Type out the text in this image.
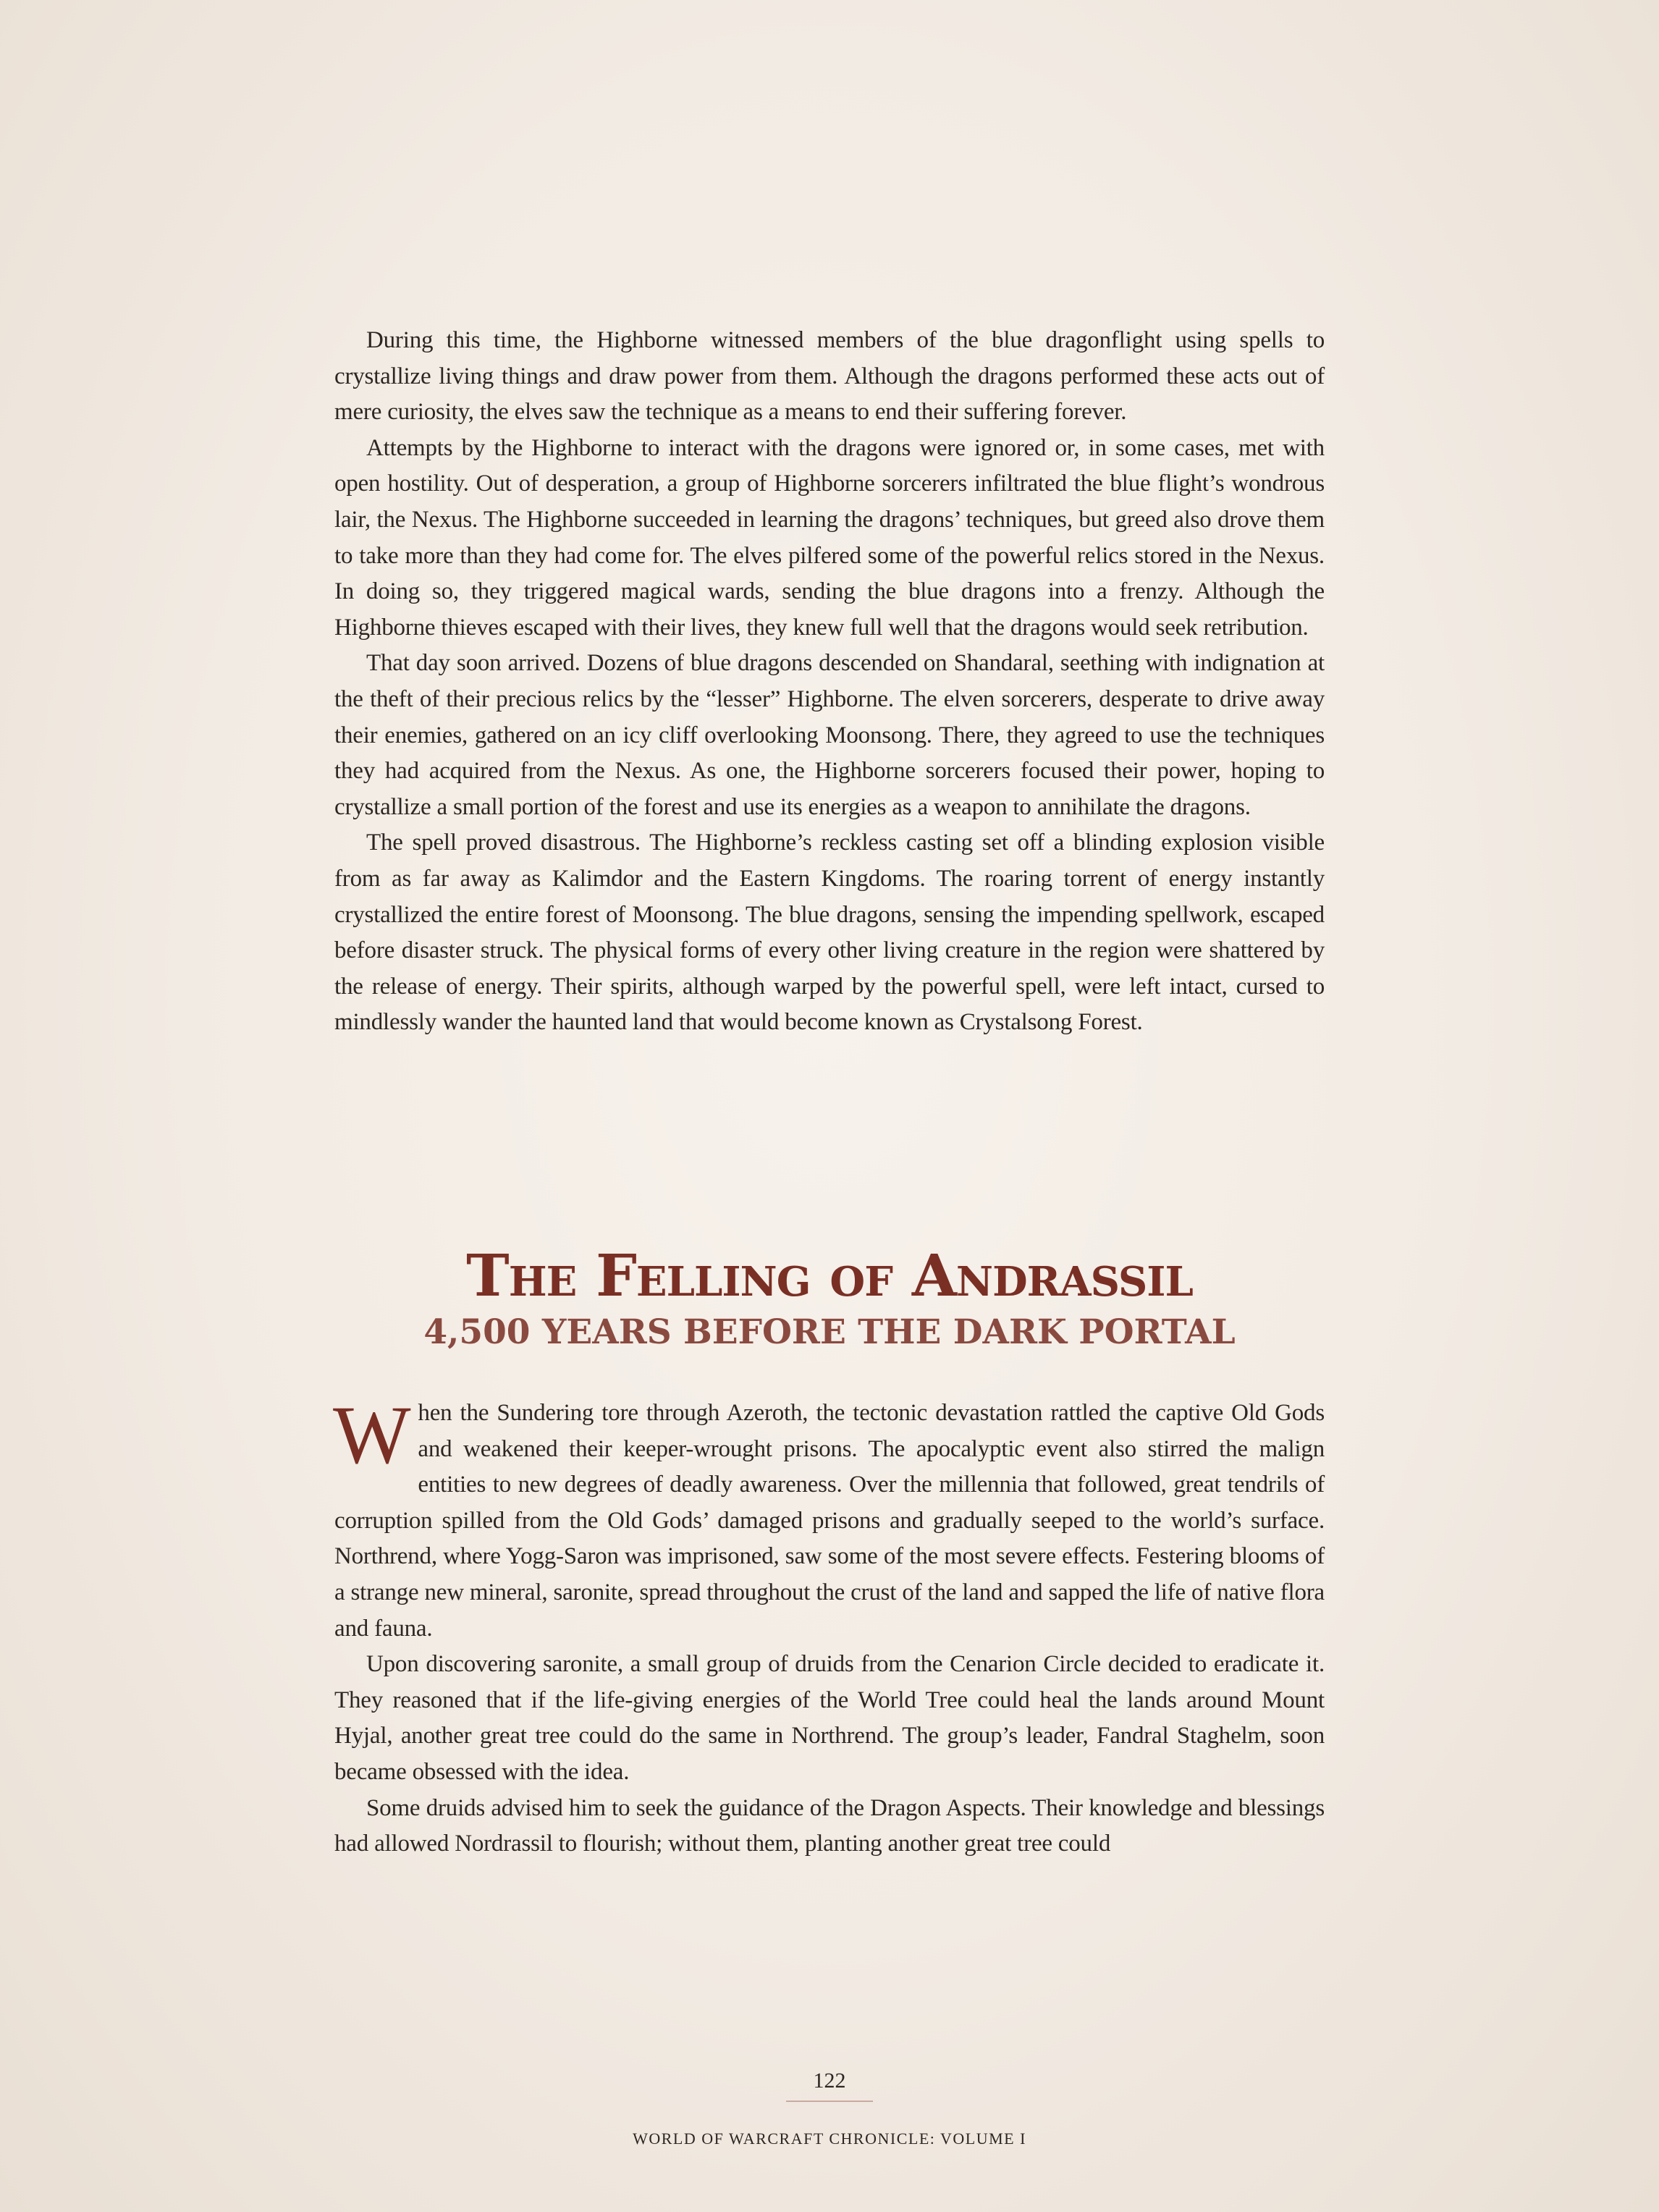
During this time, the Highborne witnessed members of the blue dragonflight using spells to crystallize living things and draw power from them. Although the dragons performed these acts out of mere curiosity, the elves saw the technique as a means to end their suffering forever.

Attempts by the Highborne to interact with the dragons were ignored or, in some cases, met with open hostility. Out of desperation, a group of Highborne sorcerers infiltrated the blue flight’s wondrous lair, the Nexus. The Highborne succeeded in learning the dragons’ techniques, but greed also drove them to take more than they had come for. The elves pilfered some of the powerful relics stored in the Nexus. In doing so, they triggered magical wards, sending the blue dragons into a frenzy. Although the Highborne thieves escaped with their lives, they knew full well that the dragons would seek retribution.

That day soon arrived. Dozens of blue dragons descended on Shandaral, seething with indignation at the theft of their precious relics by the “lesser” Highborne. The elven sorcerers, desperate to drive away their enemies, gathered on an icy cliff overlooking Moonsong. There, they agreed to use the techniques they had acquired from the Nexus. As one, the Highborne sorcerers focused their power, hoping to crystallize a small portion of the forest and use its energies as a weapon to annihilate the dragons.

The spell proved disastrous. The Highborne’s reckless casting set off a blinding explosion visible from as far away as Kalimdor and the Eastern Kingdoms. The roaring torrent of energy instantly crystallized the entire forest of Moonsong. The blue dragons, sensing the impending spellwork, escaped before disaster struck. The physical forms of every other living creature in the region were shattered by the release of energy. Their spirits, although warped by the powerful spell, were left intact, cursed to mindlessly wander the haunted land that would become known as Crystalsong Forest.

The Felling of Andrassil
4,500 YEARS BEFORE THE DARK PORTAL

When the Sundering tore through Azeroth, the tectonic devastation rattled the captive Old Gods and weakened their keeper-wrought prisons. The apocalyptic event also stirred the malign entities to new degrees of deadly awareness. Over the millennia that followed, great tendrils of corruption spilled from the Old Gods’ damaged prisons and gradually seeped to the world’s surface. Northrend, where Yogg-Saron was imprisoned, saw some of the most severe effects. Festering blooms of a strange new mineral, saronite, spread throughout the crust of the land and sapped the life of native flora and fauna.

Upon discovering saronite, a small group of druids from the Cenarion Circle decided to eradicate it. They reasoned that if the life-giving energies of the World Tree could heal the lands around Mount Hyjal, another great tree could do the same in Northrend. The group’s leader, Fandral Staghelm, soon became obsessed with the idea.

Some druids advised him to seek the guidance of the Dragon Aspects. Their knowledge and blessings had allowed Nordrassil to flourish; without them, planting another great tree could

122
WORLD OF WARCRAFT CHRONICLE: VOLUME I
